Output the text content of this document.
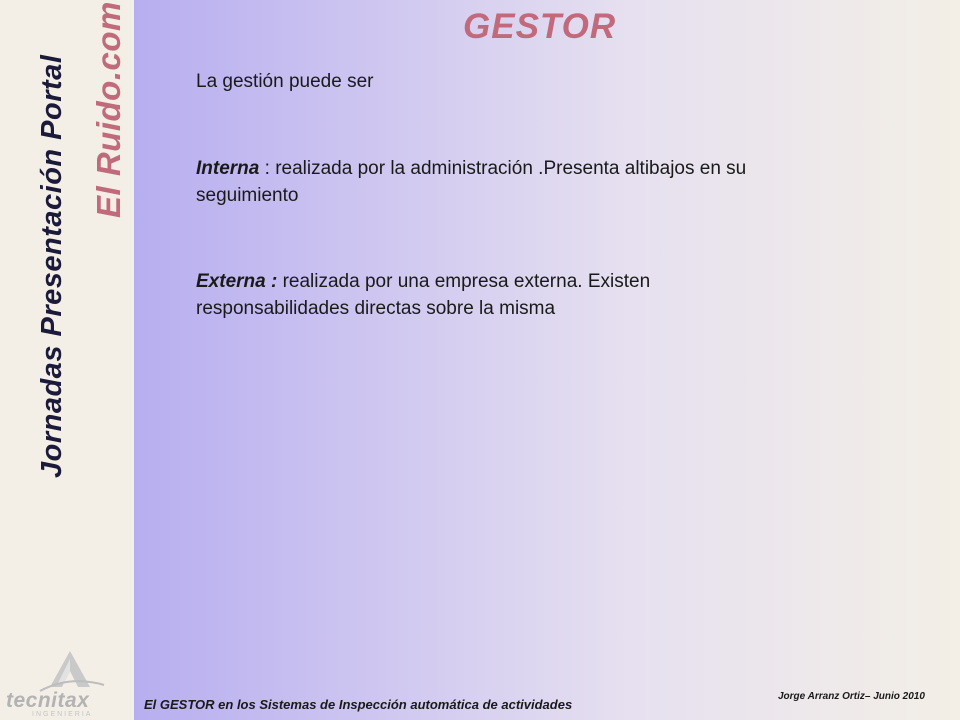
Jornadas Presentación Portal El Ruido.com	GESTOR
La gestión puede ser
Interna : realizada por la administración .Presenta altibajos en su seguimiento
Externa : realizada por una empresa externa. Existen responsabilidades directas sobre la misma
tecnitax
INGENIERIA
El GESTOR en los Sistemas de Inspección automática de actividades
Jorge Arranz Ortiz– Junio 2010
